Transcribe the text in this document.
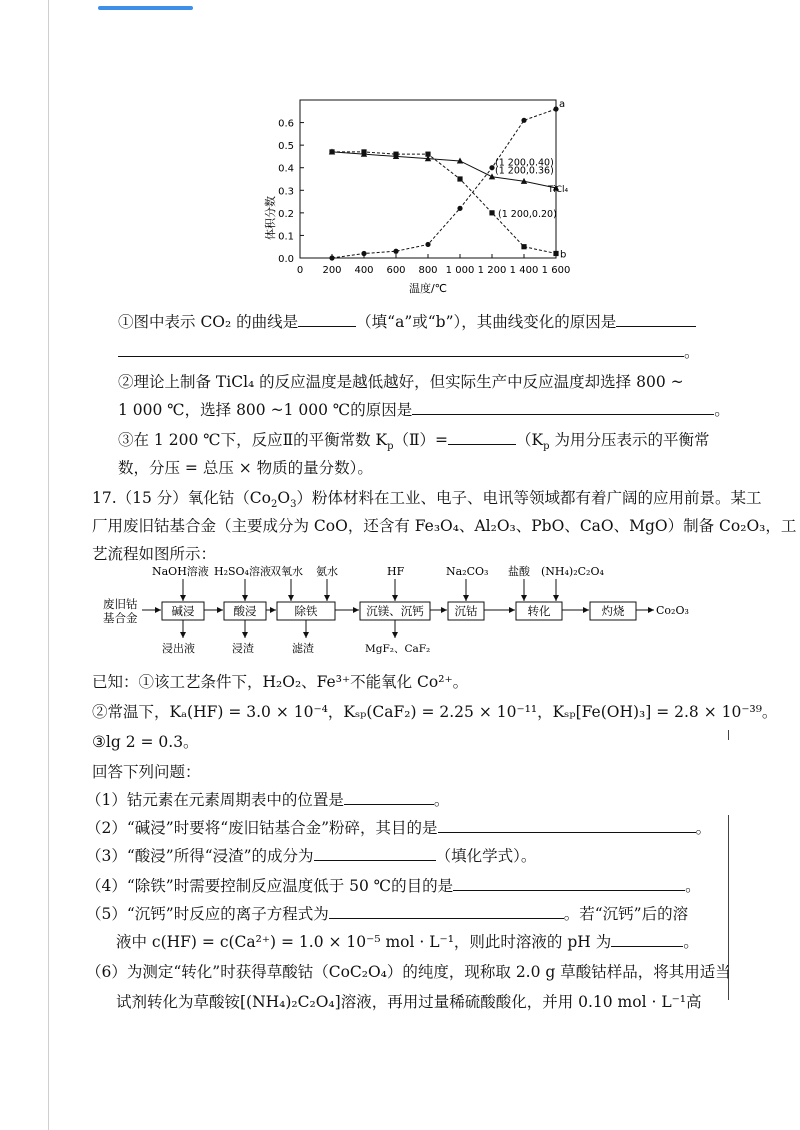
体积分数
温度/℃
0.0
0.1
0.2
0.3
0.4
0.5
0.6
0 200 400 600 800 1 000 1 200 1 400 1 600
a
b
TiCl₄
(1 200,0.40)
(1 200,0.36)
(1 200,0.20)
①图中表示 CO₂ 的曲线是	（填“a”或“b”），其曲线变化的原因是
。
②理论上制备 TiCl₄ 的反应温度是越低越好，但实际生产中反应温度却选择 800 ~
1 000 ℃，选择 800 ~1 000 ℃的原因是	。
③在 1 200 ℃下，反应Ⅱ的平衡常数 $K_p(Ⅱ)=$	（$K_p$ 为用分压表示的平衡常
数，分压 = 总压 × 物质的量分数）。
17.（15 分）氧化钴$(Co_2O_3)$粉体材料在工业、电子、电讯等领域都有着广阔的应用前景。某工
厂用废旧钴基合金（主要成分为 CoO，还含有 Fe₃O₄、Al₂O₃、PbO、CaO、MgO）制备 Co₂O₃，工
艺流程如图所示：
废旧钴
基合金	碱浸	酸浸	除铁	沉镁、沉钙	沉钴	转化	灼烧	Co₂O₃
NaOH溶液 H₂SO₄溶液 双氧水 氨水	HF	Na₂CO₃ 盐酸 (NH₄)₂C₂O₄
浸出液	浸渣	滤渣	MgF₂、CaF₂
已知：①该工艺条件下，H₂O₂、Fe³⁺不能氧化 Co²⁺。
②常温下，Kₐ(HF) = 3.0 × 10⁻⁴，Kₛₚ(CaF₂) = 2.25 × 10⁻¹¹，Kₛₚ[Fe(OH)₃] = 2.8 × 10⁻³⁹。
③lg 2 = 0.3。
回答下列问题：
（1）钴元素在元素周期表中的位置是	。
（2）“碱浸”时要将“废旧钴基合金”粉碎，其目的是	。
（3）“酸浸”所得“浸渣”的成分为	（填化学式）。
（4）“除铁”时需要控制反应温度低于 50 ℃的目的是	。
（5）“沉钙”时反应的离子方程式为	。若“沉钙”后的溶
液中 c(HF) = c(Ca²⁺) = 1.0 × 10⁻⁵ mol · L⁻¹，则此时溶液的 pH 为	。
（6）为测定“转化”时获得草酸钴（CoC₂O₄）的纯度，现称取 2.0 g 草酸钴样品，将其用适当
试剂转化为草酸铵[(NH₄)₂C₂O₄]溶液，再用过量稀硫酸酸化，并用 0.10 mol · L⁻¹高
